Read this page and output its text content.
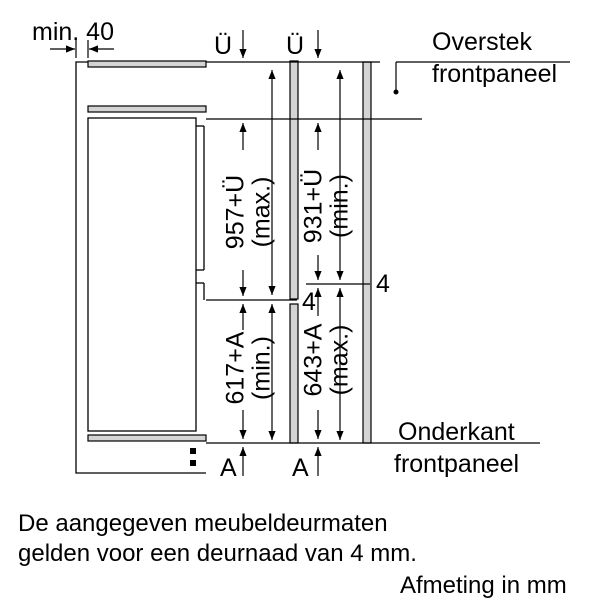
min. 40	Ü Ü	Overstek
frontpaneel
4
4
Onderkant
frontpaneel
A A
957+Ü
(max.) 931+Ü
(min.)
617+A
(min.) 643+A
(max.)
De aangegeven meubeldeurmaten
gelden voor een deurnaad van 4 mm.
Afmeting in mm
